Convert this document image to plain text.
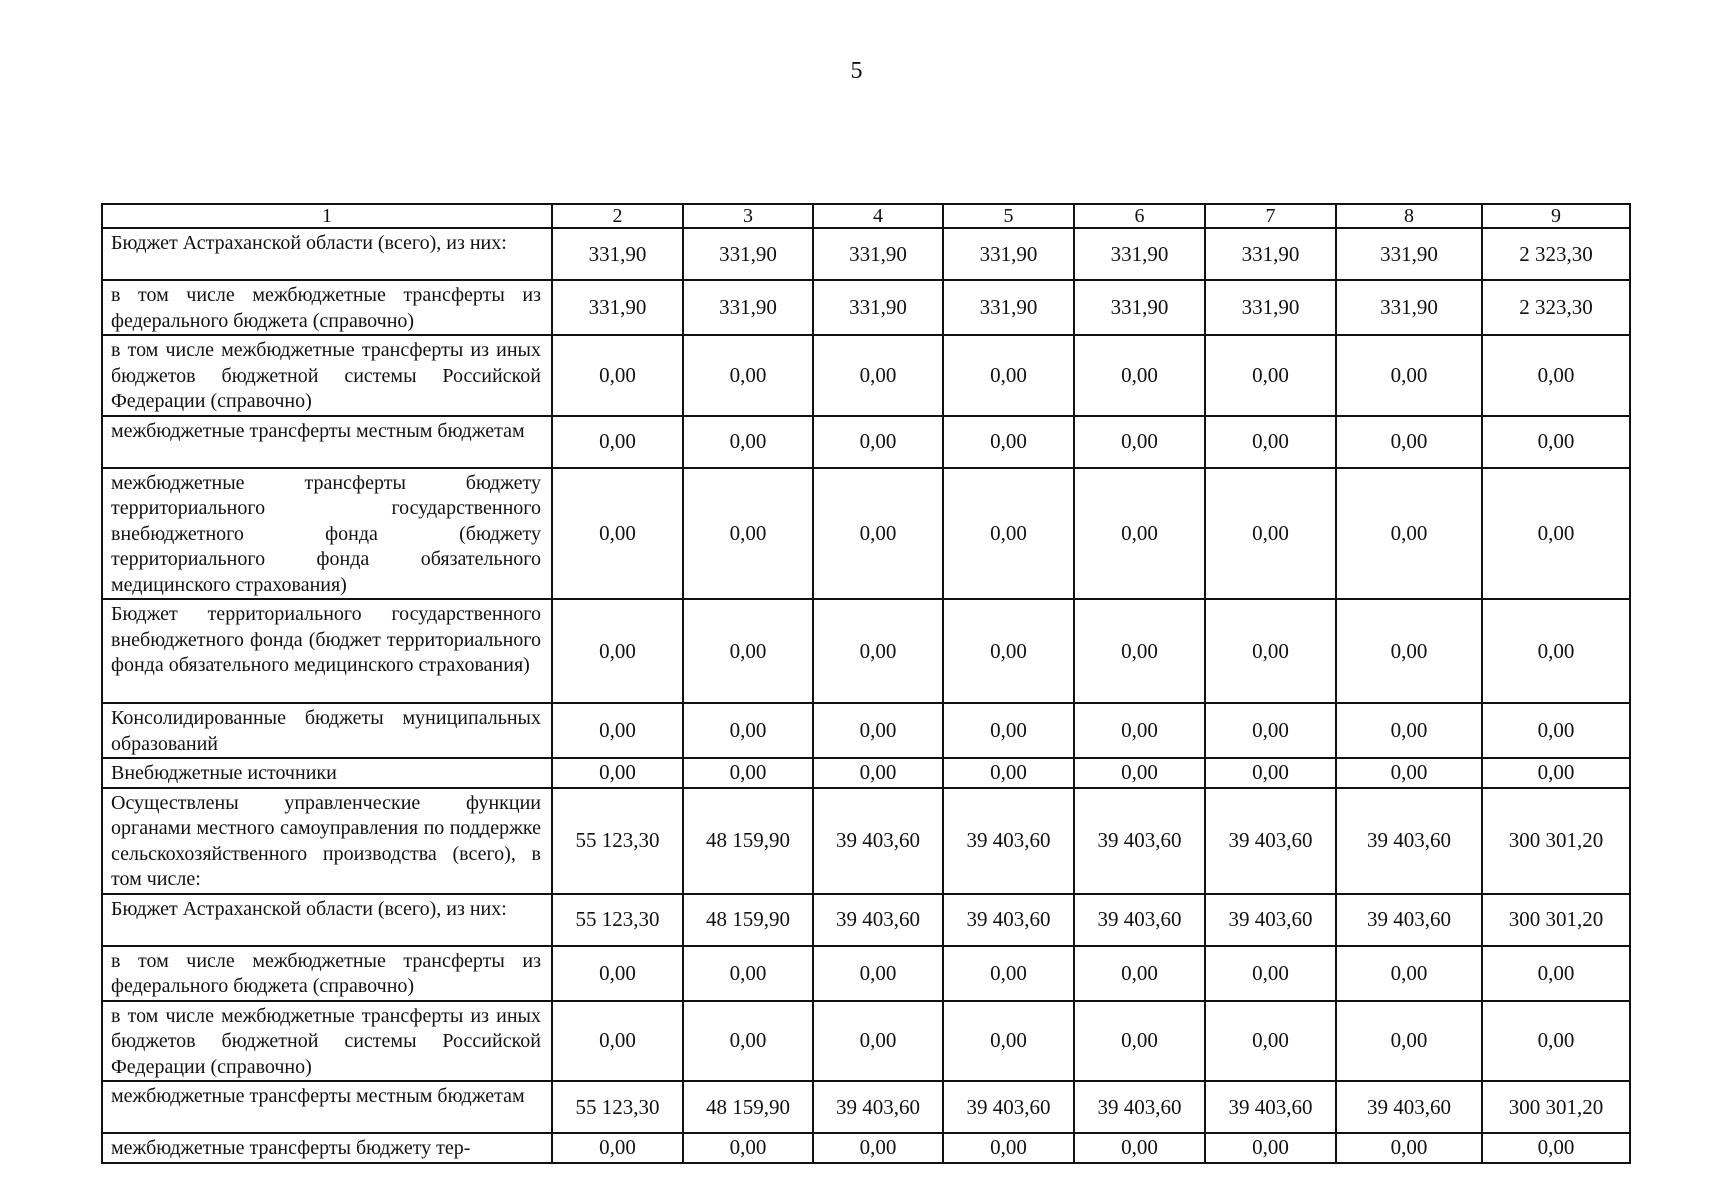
5
1	2	3	4	5	6	7	8	9
Бюджет Астраханской области (всего), из них:	331,90	331,90	331,90	331,90	331,90	331,90	331,90	2 323,30
в том числе межбюджетные трансферты из федерального бюджета (справочно)	331,90	331,90	331,90	331,90	331,90	331,90	331,90	2 323,30
в том числе межбюджетные трансферты из иных бюджетов бюджетной системы Российской Федерации (справочно)	0,00	0,00	0,00	0,00	0,00	0,00	0,00	0,00
межбюджетные трансферты местным бюджетам	0,00	0,00	0,00	0,00	0,00	0,00	0,00	0,00
межбюджетные трансферты бюджету территориального государственного внебюджетного фонда (бюджету территориального фонда обязательного медицинского страхования)	0,00	0,00	0,00	0,00	0,00	0,00	0,00	0,00
Бюджет территориального государственного внебюджетного фонда (бюджет территориального фонда обязательного медицинского страхования)	0,00	0,00	0,00	0,00	0,00	0,00	0,00	0,00
Консолидированные бюджеты муниципальных образований	0,00	0,00	0,00	0,00	0,00	0,00	0,00	0,00
Внебюджетные источники	0,00	0,00	0,00	0,00	0,00	0,00	0,00	0,00
Осуществлены управленческие функции органами местного самоуправления по поддержке сельскохозяйственного производства (всего), в том числе:	55 123,30	48 159,90	39 403,60	39 403,60	39 403,60	39 403,60	39 403,60	300 301,20
Бюджет Астраханской области (всего), из них:	55 123,30	48 159,90	39 403,60	39 403,60	39 403,60	39 403,60	39 403,60	300 301,20
в том числе межбюджетные трансферты из федерального бюджета (справочно)	0,00	0,00	0,00	0,00	0,00	0,00	0,00	0,00
в том числе межбюджетные трансферты из иных бюджетов бюджетной системы Российской Федерации (справочно)	0,00	0,00	0,00	0,00	0,00	0,00	0,00	0,00
межбюджетные трансферты местным бюджетам	55 123,30	48 159,90	39 403,60	39 403,60	39 403,60	39 403,60	39 403,60	300 301,20
межбюджетные трансферты бюджету тер-	0,00	0,00	0,00	0,00	0,00	0,00	0,00	0,00
